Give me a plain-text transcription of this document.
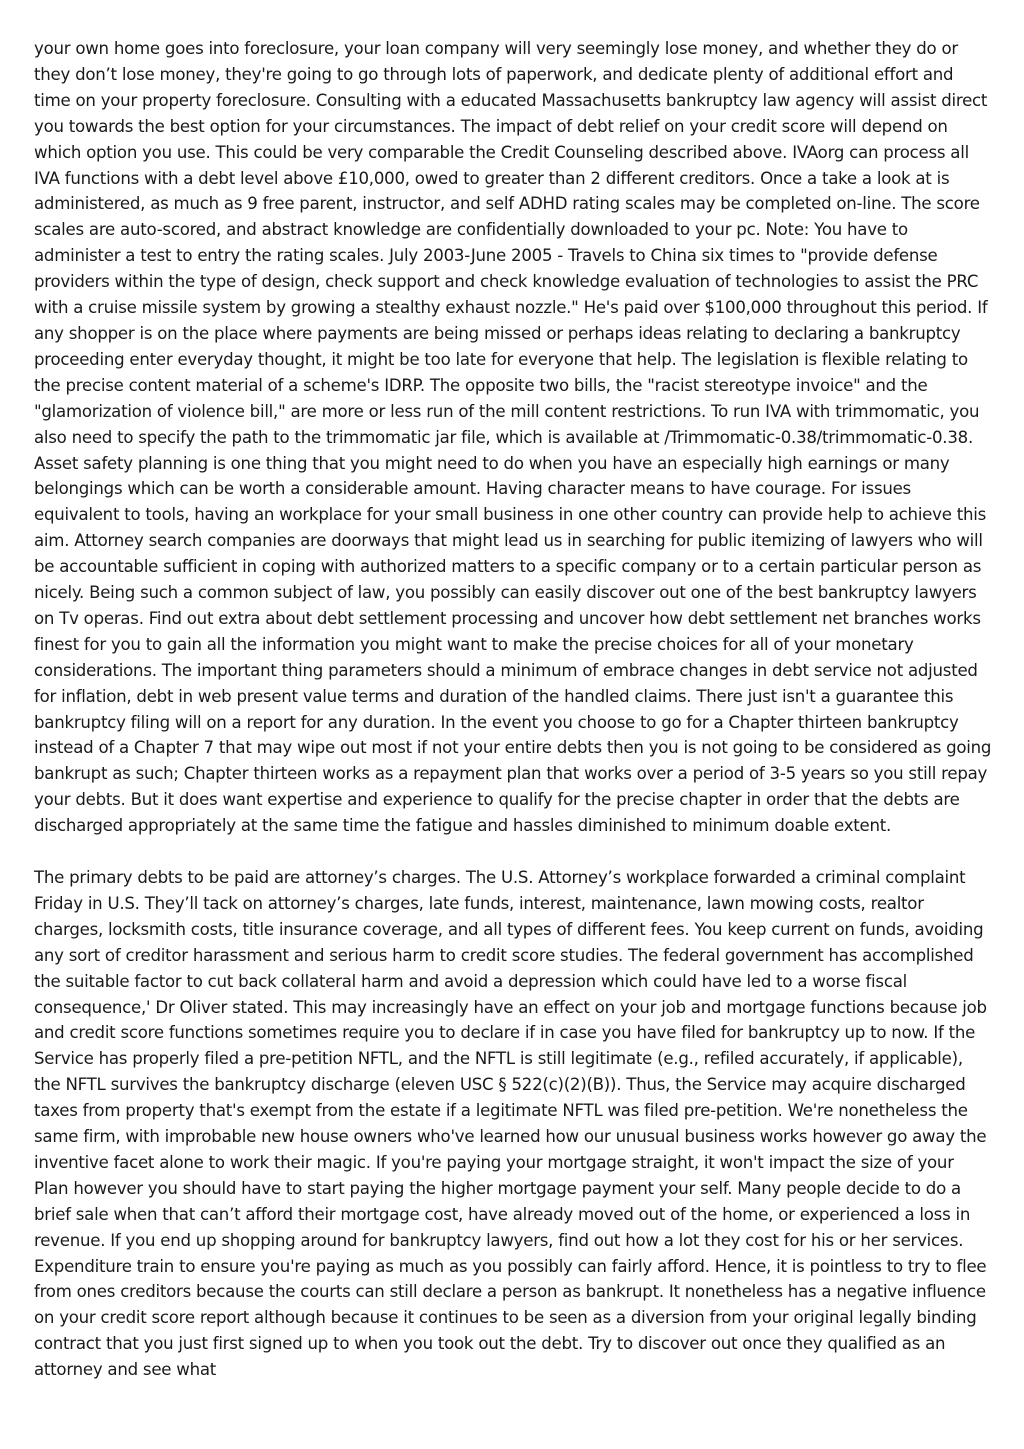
your own home goes into foreclosure, your loan company will very seemingly lose money, and whether they do or they don’t lose money, they're going to go through lots of paperwork, and dedicate plenty of additional effort and time on your property foreclosure. Consulting with a educated Massachusetts bankruptcy law agency will assist direct you towards the best option for your circumstances. The impact of debt relief on your credit score will depend on which option you use. This could be very comparable the Credit Counseling described above. IVAorg can process all IVA functions with a debt level above £10,000, owed to greater than 2 different creditors. Once a take a look at is administered, as much as 9 free parent, instructor, and self ADHD rating scales may be completed on-line. The score scales are auto-scored, and abstract knowledge are confidentially downloaded to your pc. Note: You have to administer a test to entry the rating scales. July 2003-June 2005 - Travels to China six times to "provide defense providers within the type of design, check support and check knowledge evaluation of technologies to assist the PRC with a cruise missile system by growing a stealthy exhaust nozzle." He's paid over $100,000 throughout this period. If any shopper is on the place where payments are being missed or perhaps ideas relating to declaring a bankruptcy proceeding enter everyday thought, it might be too late for everyone that help. The legislation is flexible relating to the precise content material of a scheme's IDRP. The opposite two bills, the "racist stereotype invoice" and the "glamorization of violence bill," are more or less run of the mill content restrictions. To run IVA with trimmomatic, you also need to specify the path to the trimmomatic jar file, which is available at /Trimmomatic-0.38/trimmomatic-0.38. Asset safety planning is one thing that you might need to do when you have an especially high earnings or many belongings which can be worth a considerable amount. Having character means to have courage. For issues equivalent to tools, having an workplace for your small business in one other country can provide help to achieve this aim. Attorney search companies are doorways that might lead us in searching for public itemizing of lawyers who will be accountable sufficient in coping with authorized matters to a specific company or to a certain particular person as nicely. Being such a common subject of law, you possibly can easily discover out one of the best bankruptcy lawyers on Tv operas. Find out extra about debt settlement processing and uncover how debt settlement net branches works finest for you to gain all the information you might want to make the precise choices for all of your monetary considerations. The important thing parameters should a minimum of embrace changes in debt service not adjusted for inflation, debt in web present value terms and duration of the handled claims. There just isn't a guarantee this bankruptcy filing will on a report for any duration. In the event you choose to go for a Chapter thirteen bankruptcy instead of a Chapter 7 that may wipe out most if not your entire debts then you is not going to be considered as going bankrupt as such; Chapter thirteen works as a repayment plan that works over a period of 3-5 years so you still repay your debts. But it does want expertise and experience to qualify for the precise chapter in order that the debts are discharged appropriately at the same time the fatigue and hassles diminished to minimum doable extent.

The primary debts to be paid are attorney’s charges. The U.S. Attorney’s workplace forwarded a criminal complaint Friday in U.S. They’ll tack on attorney’s charges, late funds, interest, maintenance, lawn mowing costs, realtor charges, locksmith costs, title insurance coverage, and all types of different fees. You keep current on funds, avoiding any sort of creditor harassment and serious harm to credit score studies. The federal government has accomplished the suitable factor to cut back collateral harm and avoid a depression which could have led to a worse fiscal consequence,' Dr Oliver stated. This may increasingly have an effect on your job and mortgage functions because job and credit score functions sometimes require you to declare if in case you have filed for bankruptcy up to now. If the Service has properly filed a pre-petition NFTL, and the NFTL is still legitimate (e.g., refiled accurately, if applicable), the NFTL survives the bankruptcy discharge (eleven USC § 522(c)(2)(B)). Thus, the Service may acquire discharged taxes from property that's exempt from the estate if a legitimate NFTL was filed pre-petition. We're nonetheless the same firm, with improbable new house owners who've learned how our unusual business works however go away the inventive facet alone to work their magic. If you're paying your mortgage straight, it won't impact the size of your Plan however you should have to start paying the higher mortgage payment your self. Many people decide to do a brief sale when that can’t afford their mortgage cost, have already moved out of the home, or experienced a loss in revenue. If you end up shopping around for bankruptcy lawyers, find out how a lot they cost for his or her services. Expenditure train to ensure you're paying as much as you possibly can fairly afford. Hence, it is pointless to try to flee from ones creditors because the courts can still declare a person as bankrupt. It nonetheless has a negative influence on your credit score report although because it continues to be seen as a diversion from your original legally binding contract that you just first signed up to when you took out the debt. Try to discover out once they qualified as an attorney and see what
